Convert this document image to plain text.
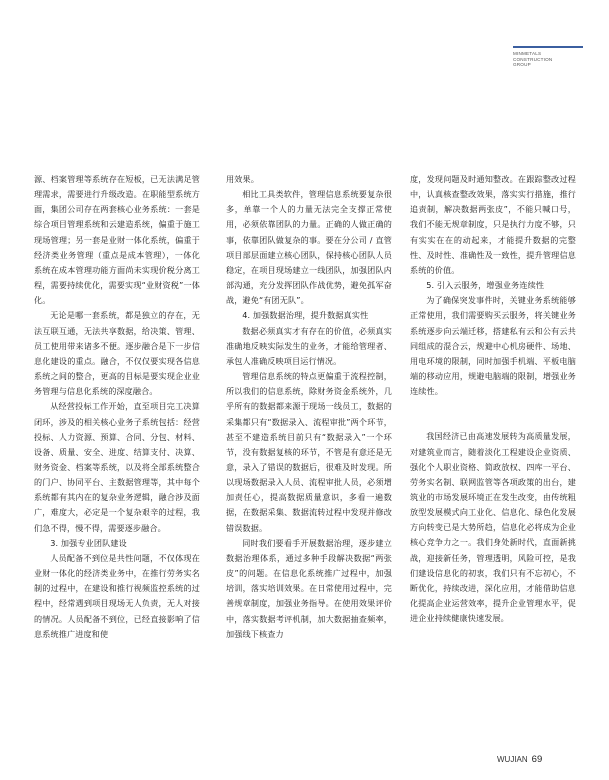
MINMETALS
CONSTRUCTION
GROUP

源、档案管理等系统存在短板，已无法满足管理需求，需要进行升级改造。在职能型系统方面，集团公司存在两套核心业务系统：一套是综合项目管理系统和云建造系统，偏重于施工现场管理；另一套是业财一体化系统，偏重于经济类业务管理（重点是成本管理），一体化系统在成本管理功能方面尚未实现价税分离工程，需要持续优化，需要实现“业财资税”一体化。

无论是哪一套系统，都是独立的存在，无法互联互通，无法共享数据，给决策、管理、员工使用带来诸多不便。逐步融合是下一步信息化建设的重点。融合，不仅仅要实现各信息系统之间的整合，更高的目标是要实现企业业务管理与信息化系统的深度融合。

从经营投标工作开始，直至项目完工决算闭环，涉及的相关核心业务子系统包括：经营投标、人力资源、预算、合同、分包、材料、设备、质量、安全、进度、结算支付、决算、财务资金、档案等系统，以及将全部系统整合的门户、协同平台、主数据管理等，其中每个系统都有其内在的复杂业务逻辑，融合涉及面广，难度大，必定是一个复杂艰辛的过程，我们急不得，慢不得，需要逐步融合。

3. 加强专业团队建设

人员配备不到位是共性问题，不仅体现在业财一体化的经济类业务中，在推行劳务实名制的过程中，在建设和推行视频监控系统的过程中，经常遇到项目现场无人负责，无人对接的情况。人员配备不到位，已经直接影响了信息系统推广进度和使

用效果。

相比工具类软件，管理信息系统要复杂很多，单靠一个人的力量无法完全支撑正常使用，必须依靠团队的力量。正确的人做正确的事，依靠团队做复杂的事。要在分公司 / 直管项目部层面建立核心团队，保持核心团队人员稳定，在项目现场建立一线团队，加强团队内部沟通，充分发挥团队作战优势，避免孤军奋战，避免“有团无队”。

4. 加强数据治理，提升数据真实性

数据必须真实才有存在的价值，必须真实准确地反映实际发生的业务，才能给管理者、承包人准确反映项目运行情况。

管理信息系统的特点更偏重于流程控制，所以我们的信息系统，除财务资金系统外，几乎所有的数据都来源于现场一线员工，数据的采集都只有“数据录入、流程审批”两个环节，甚至不建造系统目前只有“数据录入”一个环节，没有数据复核的环节，不管是有意还是无意，录入了错误的数据后，很难及时发现。所以现场数据录入人员、流程审批人员，必须增加责任心，提高数据质量意识，多看一遍数据，在数据采集、数据流转过程中发现并修改错误数据。

同时我们要看手开展数据治理，逐步建立数据治理体系，通过多种手段解决数据“两张皮”的问题。在信息化系统推广过程中，加强培训，落实培训效果。在日常使用过程中，完善规章制度，加强业务指导。在使用效果评价中，落实数据考评机制，加大数据抽查频率，加强线下核查力

度，发现问题及时通知整改。在跟踪整改过程中，认真核查整改效果，落实实行措施，推行追责制，解决数据两张皮”，不能只喊口号，我们不能无规章制度，只是执行力度不够，只有实实在在的动起来，才能提升数据的完整性、及时性、准确性及一致性，提升管理信息系统的价值。

5. 引入云服务，增强业务连续性

为了确保突发事件时，关键业务系统能够正常使用，我们需要购买云服务，将关键业务系统逐步向云端迁移，搭建私有云和公有云共同组成的混合云，规避中心机房硬件、场地、用电环境的限制，同时加强手机端、平板电脑端的移动应用，规避电脑端的限制，增强业务连续性。

我国经济已由高速发展转为高质量发展，对建筑业而言，随着淡化工程建设企业资质、强化个人职业资格、简政放权、四库一平台、劳务实名制、联网监管等各项政策的出台，建筑业的市场发展环境正在发生改变，由传统粗放型发展模式向工业化、信息化、绿色化发展方向转变已是大势所趋，信息化必将成为企业核心竞争力之一。我们身处新时代，直面新挑战，迎接新任务，管理透明，风险可控，是我们建设信息化的初衷，我们只有不忘初心，不断优化，持续改进，深化应用，才能借助信息化提高企业运营效率，提升企业管理水平，促进企业持续健康快速发展。

WUJIAN 69
